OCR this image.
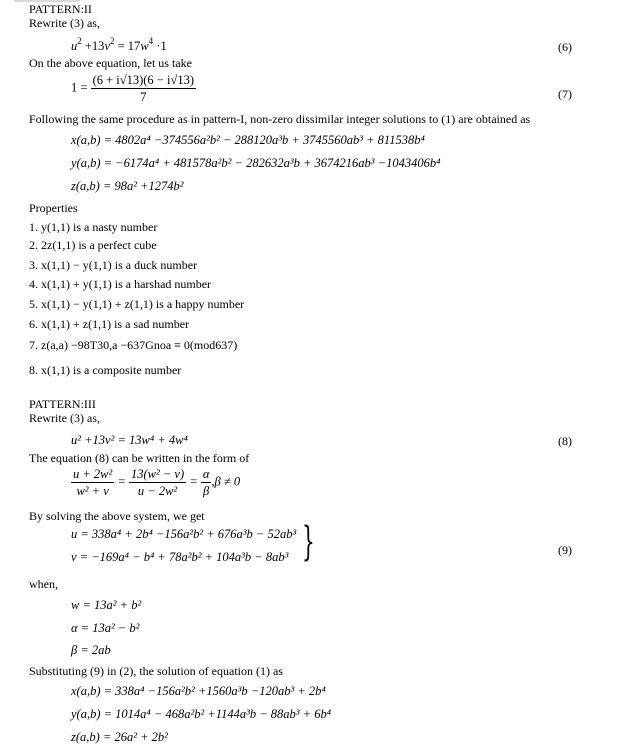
PATTERN:II
Rewrite (3) as,
$u^2 +13v^2 = 17w^4 \cdot 1$	(6)
On the above equation, let us take
$1 = \frac{(6 + i√13)(6 - i√13)}{7}$	(7)
Following the same procedure as in pattern-I, non-zero dissimilar integer solutions to (1) are obtained as
x(a,b) = 4802a⁴ −374556a²b² − 288120a³b + 3745560ab³ + 811538b⁴
y(a,b) = −6174a⁴ + 481578a²b² − 282632a³b + 3674216ab³ −1043406b⁴
z(a,b) = 98a² +1274b²
Properties
1. y(1,1) is a nasty number
2. 2z(1,1) is a perfect cube
3. x(1,1) − y(1,1) is a duck number
4. x(1,1) + y(1,1) is a harshad number
5. x(1,1) − y(1,1) + z(1,1) is a happy number
6. x(1,1) + z(1,1) is a sad number
7. z(a,a) −98T30,a −637Gnoa ≡ 0(mod637)
8. x(1,1) is a composite number
PATTERN:III
Rewrite (3) as,
u² +13v² = 13w⁴ + 4w⁴	(8)
The equation (8) can be written in the form of
$\frac{\text{u + 2w²}}{\text{w² + v}} = \frac{\text{13(w² − v)}}{\text{u − 2w²}} = \frac{\alpha}{\beta} ,\beta \ne 0$
By solving the above system, we get
u = 338a⁴ + 2b⁴ −156a²b² + 676a³b − 52ab³
v = −169a⁴ − b⁴ + 78a²b² + 104a³b − 8ab³ }	(9)
when,
w = 13a² + b²
α = 13a² − b²
β = 2ab
Substituting (9) in (2), the solution of equation (1) as
x(a,b) = 338a⁴ −156a²b² +1560a³b −120ab³ + 2b⁴
y(a,b) = 1014a⁴ − 468a²b² +1144a³b − 88ab³ + 6b⁴
z(a,b) = 26a² + 2b²
